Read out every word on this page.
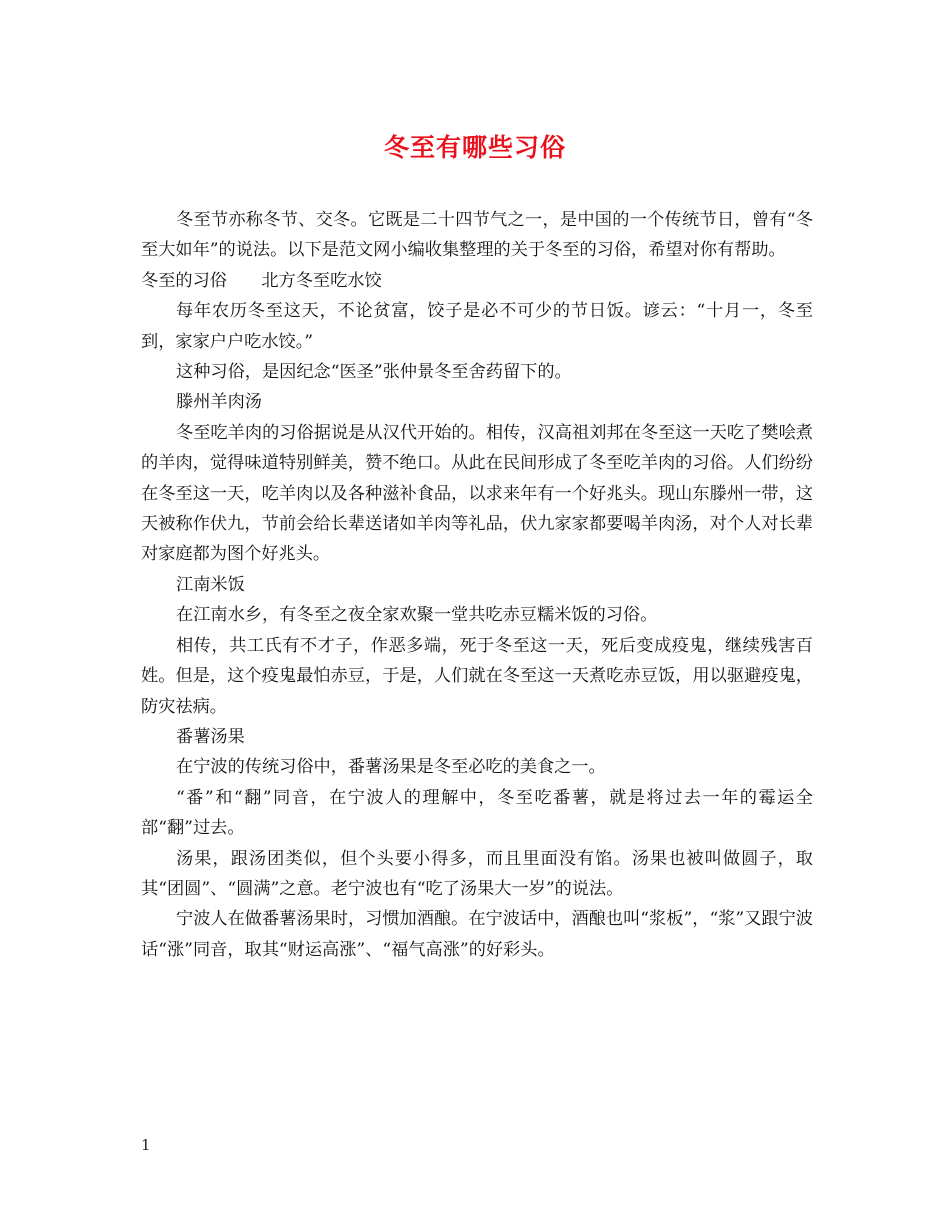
冬至有哪些习俗

冬至节亦称冬节、交冬。它既是二十四节气之一，是中国的一个传统节日，曾有“冬至大如年”的说法。以下是范文网小编收集整理的关于冬至的习俗，希望对你有帮助。

冬至的习俗　　北方冬至吃水饺

每年农历冬至这天，不论贫富，饺子是必不可少的节日饭。谚云：“十月一，冬至到，家家户户吃水饺。”

这种习俗，是因纪念“医圣”张仲景冬至舍药留下的。

滕州羊肉汤

冬至吃羊肉的习俗据说是从汉代开始的。相传，汉高祖刘邦在冬至这一天吃了樊哙煮的羊肉，觉得味道特别鲜美，赞不绝口。从此在民间形成了冬至吃羊肉的习俗。人们纷纷在冬至这一天，吃羊肉以及各种滋补食品，以求来年有一个好兆头。现山东滕州一带，这天被称作伏九，节前会给长辈送诸如羊肉等礼品，伏九家家都要喝羊肉汤，对个人对长辈对家庭都为图个好兆头。

江南米饭

在江南水乡，有冬至之夜全家欢聚一堂共吃赤豆糯米饭的习俗。

相传，共工氏有不才子，作恶多端，死于冬至这一天，死后变成疫鬼，继续残害百姓。但是，这个疫鬼最怕赤豆，于是，人们就在冬至这一天煮吃赤豆饭，用以驱避疫鬼，防灾祛病。

番薯汤果

在宁波的传统习俗中，番薯汤果是冬至必吃的美食之一。

“番”和“翻”同音，在宁波人的理解中，冬至吃番薯，就是将过去一年的霉运全部“翻”过去。

汤果，跟汤团类似，但个头要小得多，而且里面没有馅。汤果也被叫做圆子，取其“团圆”、“圆满”之意。老宁波也有“吃了汤果大一岁”的说法。

宁波人在做番薯汤果时，习惯加酒酿。在宁波话中，酒酿也叫“浆板”，“浆”又跟宁波话“涨”同音，取其“财运高涨”、“福气高涨”的好彩头。

1
